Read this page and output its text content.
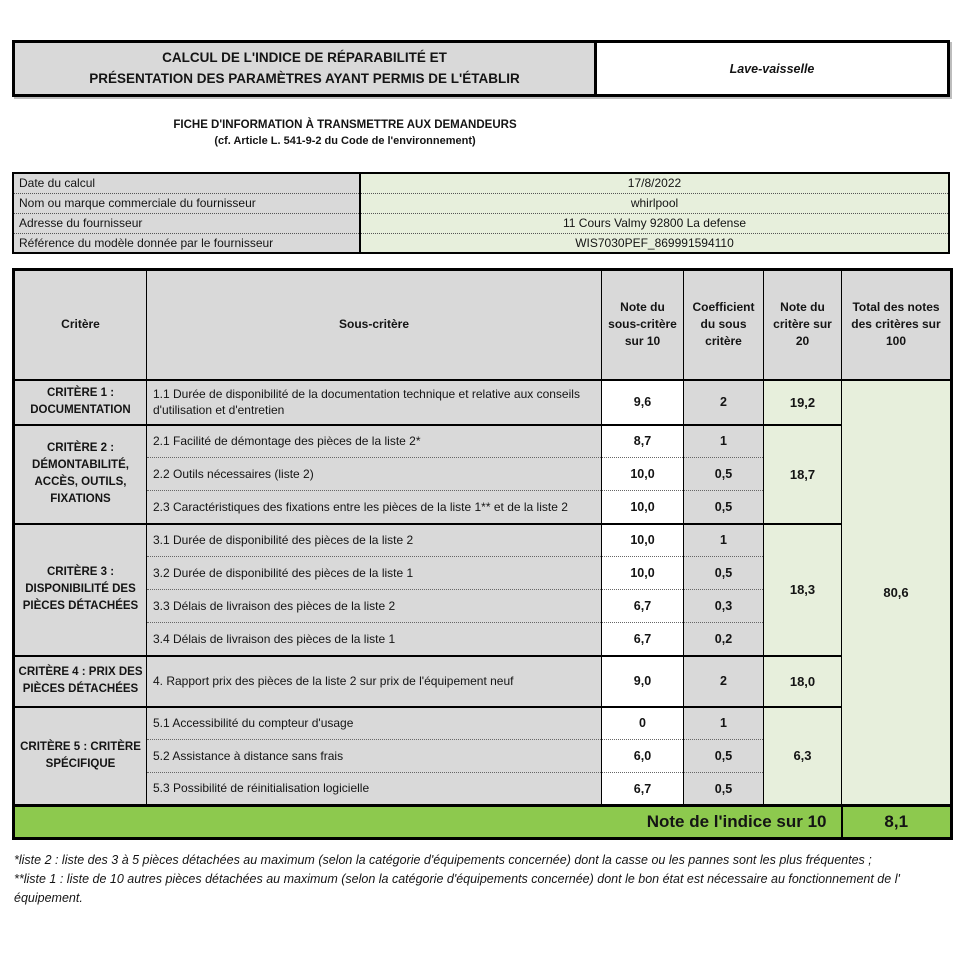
CALCUL DE L'INDICE DE RÉPARABILITÉ ET
PRÉSENTATION DES PARAMÈTRES AYANT PERMIS DE L'ÉTABLIR
Lave-vaisselle
FICHE D'INFORMATION À TRANSMETTRE AUX DEMANDEURS
(cf. Article L. 541-9-2 du Code de l'environnement)
Date du calcul	17/8/2022
Nom ou marque commerciale du fournisseur	whirlpool
Adresse du fournisseur	11 Cours Valmy 92800 La defense
Référence du modèle donnée par le fournisseur	WIS7030PEF_869991594110
Critère	Sous-critère	Note du sous-critère sur 10	Coefficient du sous critère	Note du critère sur 20	Total des notes des critères sur 100
CRITÈRE 1 : DOCUMENTATION	1.1 Durée de disponibilité de la documentation technique et relative aux conseils d'utilisation et d'entretien	9,6	2	19,2	80,6
CRITÈRE 2 : DÉMONTABILITÉ, ACCÈS, OUTILS, FIXATIONS	2.1 Facilité de démontage des pièces de la liste 2*	8,7	1	18,7	
	2.2 Outils nécessaires (liste 2)	10,0	0,5		
	2.3 Caractéristiques des fixations entre les pièces de la liste 1** et de la liste 2	10,0	0,5		
CRITÈRE 3 : DISPONIBILITÉ DES PIÈCES DÉTACHÉES	3.1 Durée de disponibilité des pièces de la liste 2	10,0	1	18,3	
	3.2 Durée de disponibilité des pièces de la liste 1	10,0	0,5		
	3.3 Délais de livraison des pièces de la liste 2	6,7	0,3		
	3.4 Délais de livraison des pièces de la liste 1	6,7	0,2		
CRITÈRE 4 : PRIX DES PIÈCES DÉTACHÉES	4. Rapport prix des pièces de la liste 2 sur prix de l'équipement neuf	9,0	2	18,0	
CRITÈRE 5 : CRITÈRE SPÉCIFIQUE	5.1 Accessibilité du compteur d'usage	0	1	6,3	
	5.2 Assistance à distance sans frais	6,0	0,5		
	5.3 Possibilité de réinitialisation logicielle	6,7	0,5		
Note de l'indice sur 10					8,1
*liste 2 : liste des 3 à 5 pièces détachées au maximum (selon la catégorie d'équipements concernée) dont la casse ou les pannes sont les plus fréquentes ;
**liste 1 : liste de 10 autres pièces détachées au maximum (selon la catégorie d'équipements concernée) dont le bon état est nécessaire au fonctionnement de l' équipement.
